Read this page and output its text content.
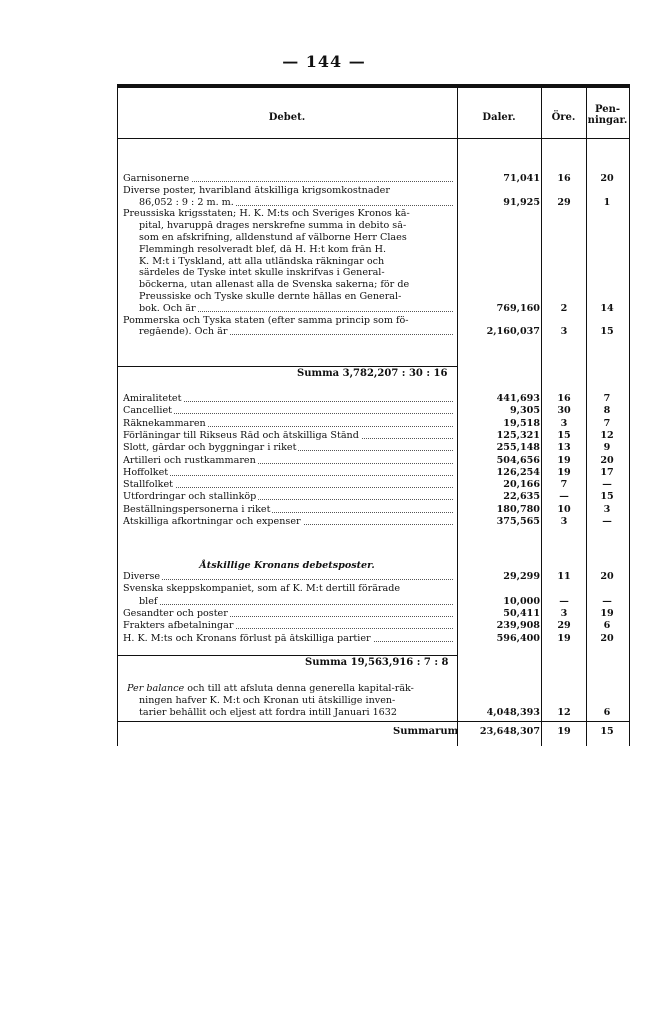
— 144 —
Debet.	Daler.	Öre.
Pen-
ningar.
Garnisonerne	71,041	16	20
Diverse poster, hvaribland åtskilliga krigsomkostnader
86,052 : 9 : 2 m. m.	91,925	29	1
Preussiska krigsstaten; H. K. M:ts och Sveriges Kronos kå-
pital, hvaruppå drages nerskrefne summa in debito så-
som en afskrifning, alldenstund af välborne Herr Claes
Flemmingh resolveradt blef, då H. H:t kom från H.
K. M:t i Tyskland, att alla utländska räkningar och
särdeles de Tyske intet skulle inskrifvas i General-
böckerna, utan allenast alla de Svenska sakerna; för de
Preussiske och Tyske skulle dernte hållas en General-
bok. Och är	769,160	2	14
Pommerska och Tyska staten (efter samma princip som fö-
regående). Och är	2,160,037	3	15
Summa 3,782,207 : 30 : 16
Amiralitetet	441,693	16	7
Cancelliet	9,305	30	8
Räknekammaren	19,518	3	7
Förläningar till Rikseus Råd och åtskilliga Stånd	125,321	15	12
Slott, gårdar och byggningar i riket	255,148	13	9
Artilleri och rustkammaren	504,656	19	20
Hoffolket	126,254	19	17
Stallfolket	20,166	7	—
Utfordringar och stallinköp	22,635	—	15
Beställningspersonerna i riket	180,780	10	3
Åtskilliga afkortningar och expenser	375,565	3	—
Åtskillige Kronans debetsposter.
Diverse	29,299	11	20
Svenska skeppskompaniet, som af K. M:t dertill förärade
blef	10,000	—	—
Gesandter och poster	50,411	3	19
Frakters afbetalningar	239,908	29	6
H. K. M:ts och Kronans förlust på åtskilliga partier	596,400	19	20
Summa 19,563,916 : 7 : 8
Per balance och till att afsluta denna generella kapital-räk-
ningen hafver K. M:t och Kronan uti åtskillige inven-
tarier behållit och eljest att fordra intill Januari 1632	4,048,393	12	6
Summarum	23,648,307	19	15
